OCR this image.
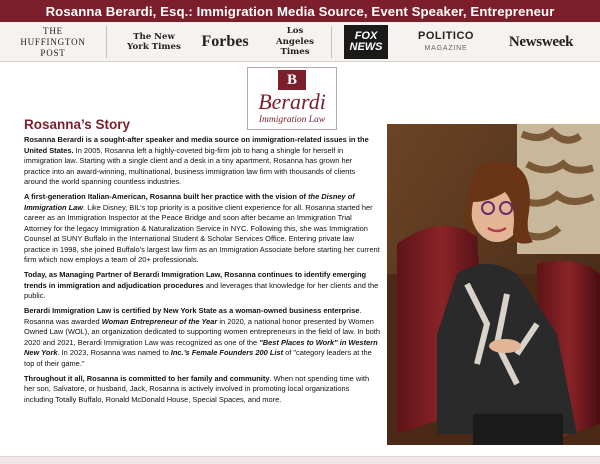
Rosanna Berardi, Esq.: Immigration Media Source, Event Speaker, Entrepreneur
THE HUFFINGTON POST
The New York Times	Forbes
Los Angeles Times
FOX NEWS
POLITICO
MAGAZINE	Newsweek
B
Berardi
Immigration Law
Rosanna’s Story

Rosanna Berardi is a sought-after speaker and media source on immigration-related issues in the United States. In 2005, Rosanna left a highly-coveted big-firm job to hang a shingle for herself in immigration law. Starting with a single client and a desk in a tiny apartment, Rosanna has grown her practice into an award-winning, multinational, business immigration law firm with thousands of clients around the world spanning countless industries.

A first-generation Italian-American, Rosanna built her practice with the vision of the Disney of Immigration Law. Like Disney, BIL’s top priority is a positive client experience for all. Rosanna started her career as an Immigration Inspector at the Peace Bridge and soon after became an Immigration Trial Attorney for the legacy Immigration & Naturalization Service in NYC. Following this, she was Immigration Counsel at SUNY Buffalo in the International Student & Scholar Services Office. Entering private law practice in 1998, she joined Buffalo’s largest law firm as an Immigration Associate before starting her current firm which now employs a team of 20+ professionals.

Today, as Managing Partner of Berardi Immigration Law, Rosanna continues to identify emerging trends in immigration and adjudication procedures and leverages that knowledge for her clients and the public.

Berardi Immigration Law is certified by New York State as a woman-owned business enterprise. Rosanna was awarded Woman Entrepreneur of the Year in 2020, a national honor presented by Women Owned Law (WOL), an organization dedicated to supporting women entrepreneurs in the field of law. In both 2020 and 2021, Berardi Immigration Law was recognized as one of the "Best Places to Work" in Western New York. In 2023, Rosanna was named to Inc.’s Female Founders 200 List of "category leaders at the top of their game."

Throughout it all, Rosanna is committed to her family and community. When not spending time with her son, Salvatore, or husband, Jack, Rosanna is actively involved in promoting local organizations including Totally Buffalo, Ronald McDonald House, Special Spaces, and more.
